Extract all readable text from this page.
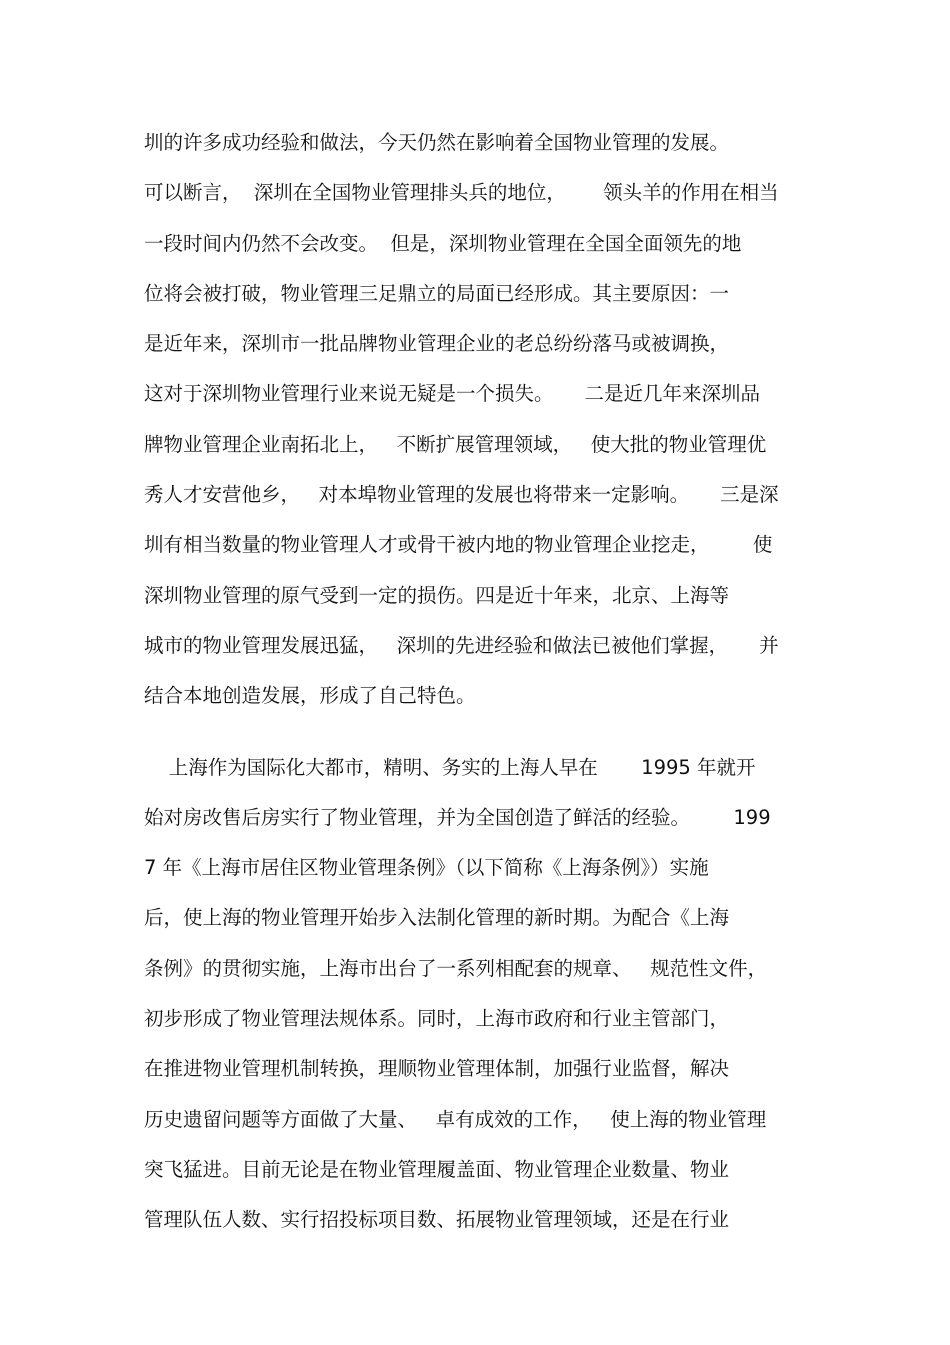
圳的许多成功经验和做法，今天仍然在影响着全国物业管理的发展。
可以断言，  深圳在全国物业管理排头兵的地位，      领头羊的作用在相当
一段时间内仍然不会改变。  但是，深圳物业管理在全国全面领先的地
位将会被打破，物业管理三足鼎立的局面已经形成。其主要原因：一
是近年来，深圳市一批品牌物业管理企业的老总纷纷落马或被调换，
这对于深圳物业管理行业来说无疑是一个损失。     二是近几年来深圳品
牌物业管理企业南拓北上，   不断扩展管理领域，   使大批的物业管理优
秀人才安营他乡，   对本埠物业管理的发展也将带来一定影响。     三是深
圳有相当数量的物业管理人才或骨干被内地的物业管理企业挖走，       使
深圳物业管理的原气受到一定的损伤。四是近十年来，北京、上海等
城市的物业管理发展迅猛，   深圳的先进经验和做法已被他们掌握，     并
结合本地创造发展，形成了自己特色。
上海作为国际化大都市，精明、务实的上海人早在       1995 年就开
始对房改售后房实行了物业管理，并为全国创造了鲜活的经验。       199
7 年《上海市居住区物业管理条例》（以下简称《上海条例》）实施
后，使上海的物业管理开始步入法制化管理的新时期。为配合《上海
条例》的贯彻实施，上海市出台了一系列相配套的规章、   规范性文件，
初步形成了物业管理法规体系。同时，上海市政府和行业主管部门，
在推进物业管理机制转换，理顺物业管理体制，加强行业监督，解决
历史遗留问题等方面做了大量、   卓有成效的工作，   使上海的物业管理
突飞猛进。目前无论是在物业管理履盖面、物业管理企业数量、物业
管理队伍人数、实行招投标项目数、拓展物业管理领域，还是在行业
